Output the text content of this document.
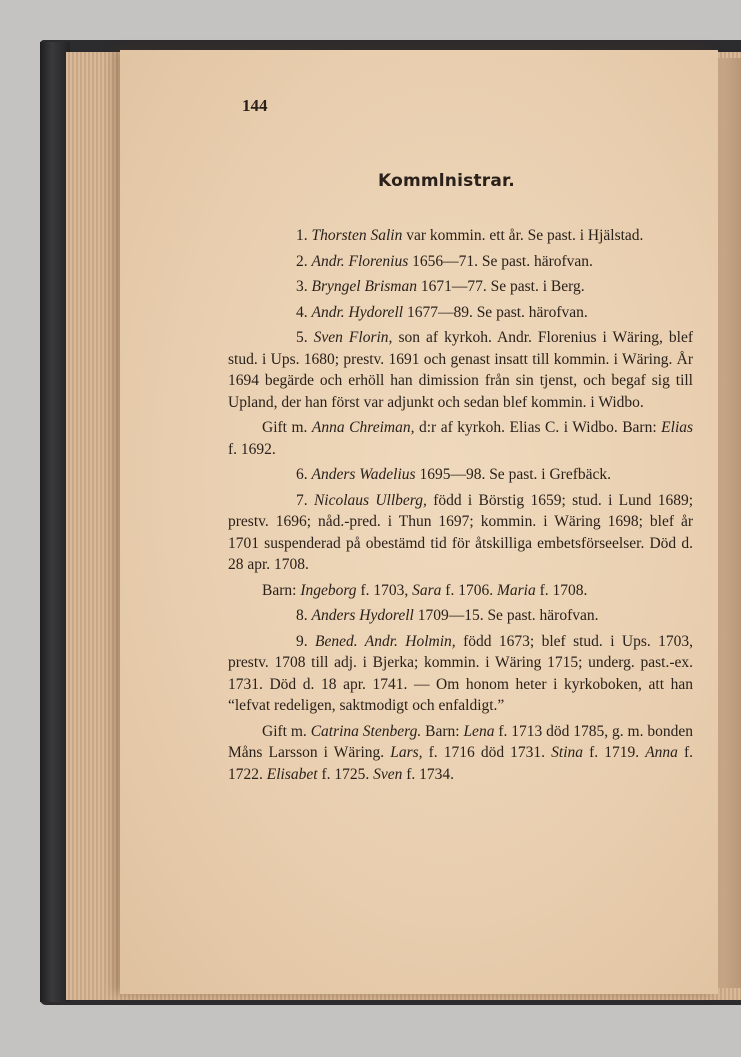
144
Kommlnistrar.

1. Thorsten Salin var kommin. ett år. Se past. i Hjälstad.

2. Andr. Florenius 1656—71. Se past. härofvan.

3. Bryngel Brisman 1671—77. Se past. i Berg.

4. Andr. Hydorell 1677—89. Se past. härofvan.

5. Sven Florin, son af kyrkoh. Andr. Florenius i Wäring, blef stud. i Ups. 1680; prestv. 1691 och genast insatt till kommin. i Wäring. År 1694 begärde och erhöll han dimission från sin tjenst, och begaf sig till Upland, der han först var adjunkt och sedan blef kommin. i Widbo.

Gift m. Anna Chreiman, d:r af kyrkoh. Elias C. i Widbo. Barn: Elias f. 1692.

6. Anders Wadelius 1695—98. Se past. i Grefbäck.

7. Nicolaus Ullberg, född i Börstig 1659; stud. i Lund 1689; prestv. 1696; nåd.-pred. i Thun 1697; kommin. i Wäring 1698; blef år 1701 suspenderad på obestämd tid för åtskilliga embetsförseelser. Död d. 28 apr. 1708.

Barn: Ingeborg f. 1703, Sara f. 1706. Maria f. 1708.

8. Anders Hydorell 1709—15. Se past. härofvan.

9. Bened. Andr. Holmin, född 1673; blef stud. i Ups. 1703, prestv. 1708 till adj. i Bjerka; kommin. i Wäring 1715; underg. past.-ex. 1731. Död d. 18 apr. 1741. — Om honom heter i kyrkoboken, att han “lefvat redeligen, saktmodigt och enfaldigt.”

Gift m. Catrina Stenberg. Barn: Lena f. 1713 död 1785, g. m. bonden Måns Larsson i Wäring. Lars, f. 1716 död 1731. Stina f. 1719. Anna f. 1722. Elisabet f. 1725. Sven f. 1734.
